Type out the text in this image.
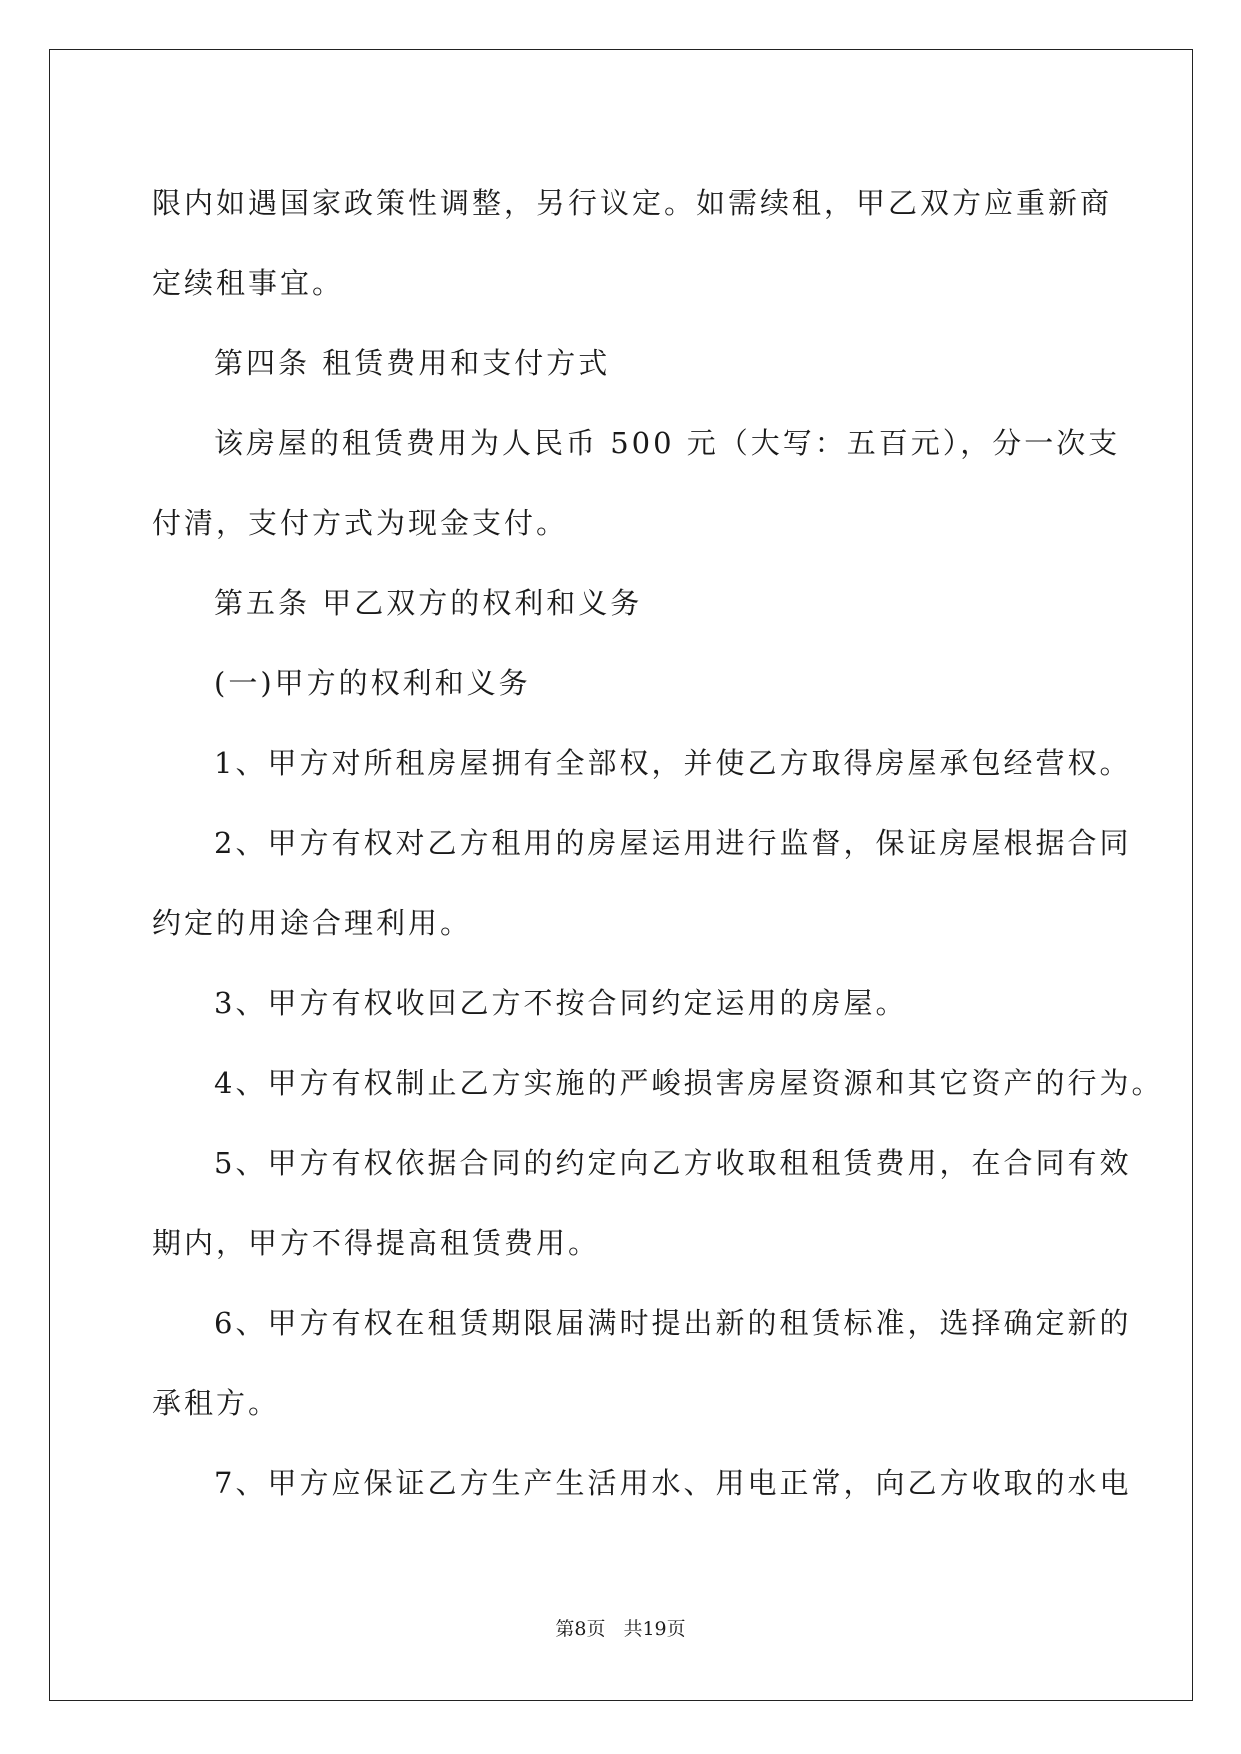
限内如遇国家政策性调整，另行议定。如需续租，甲乙双方应重新商
定续租事宜。
第四条 租赁费用和支付方式
该房屋的租赁费用为人民币 500 元（大写：五百元），分一次支
付清，支付方式为现金支付。
第五条 甲乙双方的权利和义务
(一)甲方的权利和义务
1、甲方对所租房屋拥有全部权，并使乙方取得房屋承包经营权。
2、甲方有权对乙方租用的房屋运用进行监督，保证房屋根据合同
约定的用途合理利用。
3、甲方有权收回乙方不按合同约定运用的房屋。
4、甲方有权制止乙方实施的严峻损害房屋资源和其它资产的行为。
5、甲方有权依据合同的约定向乙方收取租租赁费用，在合同有效
期内，甲方不得提高租赁费用。
6、甲方有权在租赁期限届满时提出新的租赁标准，选择确定新的
承租方。
7、甲方应保证乙方生产生活用水、用电正常，向乙方收取的水电
第8页 共19页
